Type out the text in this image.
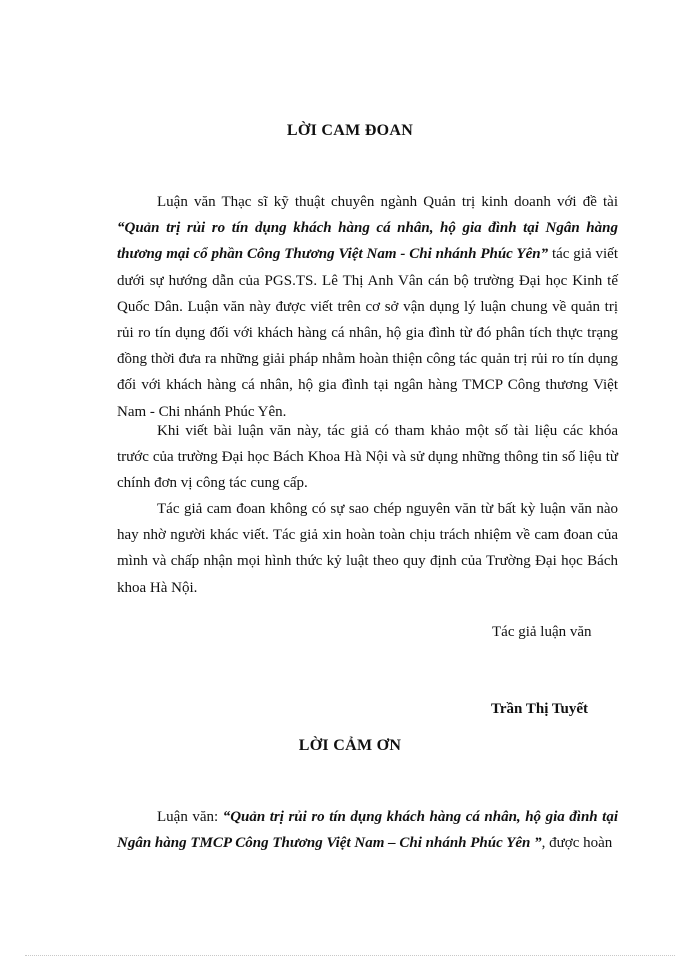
LỜI CAM ĐOAN

Luận văn Thạc sĩ kỹ thuật chuyên ngành Quản trị kinh doanh với đề tài “Quản trị rủi ro tín dụng khách hàng cá nhân, hộ gia đình tại Ngân hàng thương mại cổ phần Công Thương Việt Nam - Chi nhánh Phúc Yên” tác giả viết dưới sự hướng dẫn của PGS.TS. Lê Thị Anh Vân cán bộ trường Đại học Kinh tế Quốc Dân. Luận văn này được viết trên cơ sở vận dụng lý luận chung về quản trị rủi ro tín dụng đối với khách hàng cá nhân, hộ gia đình từ đó phân tích thực trạng đồng thời đưa ra những giải pháp nhằm hoàn thiện công tác quản trị rủi ro tín dụng đối với khách hàng cá nhân, hộ gia đình tại ngân hàng TMCP Công thương Việt Nam - Chi nhánh Phúc Yên.

Khi viết bài luận văn này, tác giả có tham khảo một số tài liệu các khóa trước của trường Đại học Bách Khoa Hà Nội và sử dụng những thông tin số liệu từ chính đơn vị công tác cung cấp.

Tác giả cam đoan không có sự sao chép nguyên văn từ bất kỳ luận văn nào hay nhờ người khác viết. Tác giả xin hoàn toàn chịu trách nhiệm về cam đoan của mình và chấp nhận mọi hình thức kỷ luật theo quy định của Trường Đại học Bách khoa Hà Nội.

Tác giả luận văn
Trần Thị Tuyết
LỜI CẢM ƠN

Luận văn: “Quản trị rủi ro tín dụng khách hàng cá nhân, hộ gia đình tại Ngân hàng TMCP Công Thương Việt Nam – Chi nhánh Phúc Yên ”, được hoàn
